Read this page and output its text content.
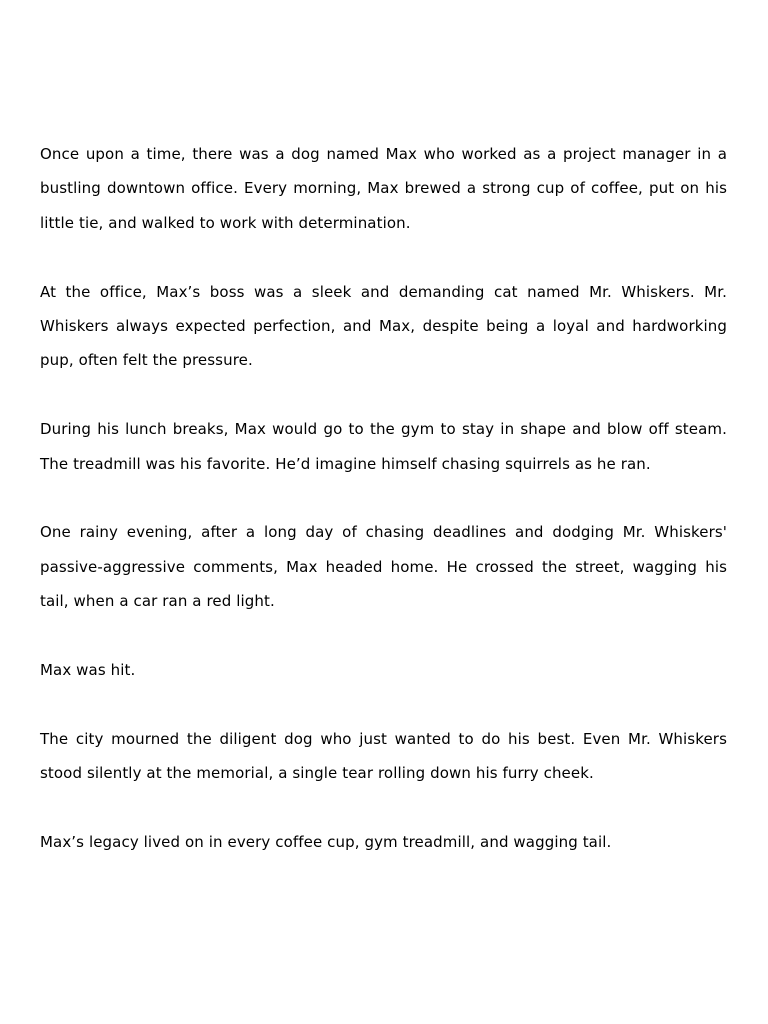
Once upon a time, there was a dog named Max who worked as a project manager in a bustling downtown office. Every morning, Max brewed a strong cup of coffee, put on his little tie, and walked to work with determination.

At the office, Max’s boss was a sleek and demanding cat named Mr. Whiskers. Mr. Whiskers always expected perfection, and Max, despite being a loyal and hardworking pup, often felt the pressure.

During his lunch breaks, Max would go to the gym to stay in shape and blow off steam. The treadmill was his favorite. He’d imagine himself chasing squirrels as he ran.

One rainy evening, after a long day of chasing deadlines and dodging Mr. Whiskers' passive-aggressive comments, Max headed home. He crossed the street, wagging his tail, when a car ran a red light.

Max was hit.

The city mourned the diligent dog who just wanted to do his best. Even Mr. Whiskers stood silently at the memorial, a single tear rolling down his furry cheek.

Max’s legacy lived on in every coffee cup, gym treadmill, and wagging tail.
